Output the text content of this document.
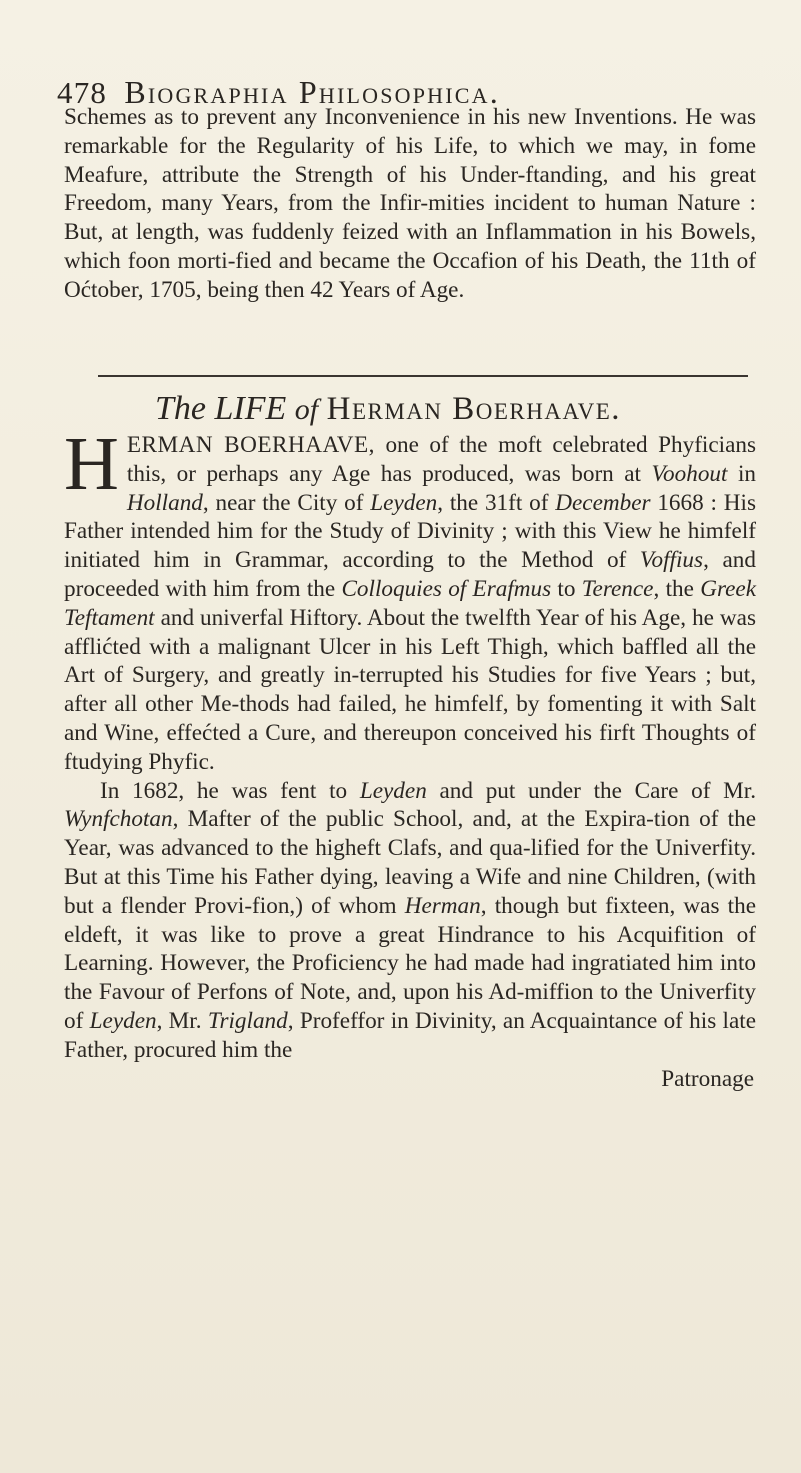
478 Biographia Philosophica.

Schemes as to prevent any Inconvenience in his new Inventions. He was remarkable for the Regularity of his Life, to which we may, in fome Meafure, attribute the Strength of his Under-ftanding, and his great Freedom, many Years, from the Infir-mities incident to human Nature : But, at length, was fuddenly feized with an Inflammation in his Bowels, which foon morti-fied and became the Occafion of his Death, the 11th of Oćtober, 1705, being then 42 Years of Age.

The LIFE of Herman Boerhaave.

HERMAN BOERHAAVE, one of the moft celebrated Phyficians this, or perhaps any Age has produced, was born at Voohout in Holland, near the City of Leyden, the 31ft of December 1668 : His Father intended him for the Study of Divinity ; with this View he himfelf initiated him in Grammar, according to the Method of Voffius, and proceeded with him from the Colloquies of Erafmus to Terence, the Greek Teftament and univerfal Hiftory. About the twelfth Year of his Age, he was afflićted with a malignant Ulcer in his Left Thigh, which baffled all the Art of Surgery, and greatly in-terrupted his Studies for five Years ; but, after all other Me-thods had failed, he himfelf, by fomenting it with Salt and Wine, effećted a Cure, and thereupon conceived his firft Thoughts of ftudying Phyfic.

In 1682, he was fent to Leyden and put under the Care of Mr. Wynfchotan, Mafter of the public School, and, at the Expira-tion of the Year, was advanced to the higheft Clafs, and qua-lified for the Univerfity. But at this Time his Father dying, leaving a Wife and nine Children, (with but a flender Provi-fion,) of whom Herman, though but fixteen, was the eldeft, it was like to prove a great Hindrance to his Acquifition of Learning. However, the Proficiency he had made had ingratiated him into the Favour of Perfons of Note, and, upon his Ad-miffion to the Univerfity of Leyden, Mr. Trigland, Profeffor in Divinity, an Acquaintance of his late Father, procured him the

Patronage
